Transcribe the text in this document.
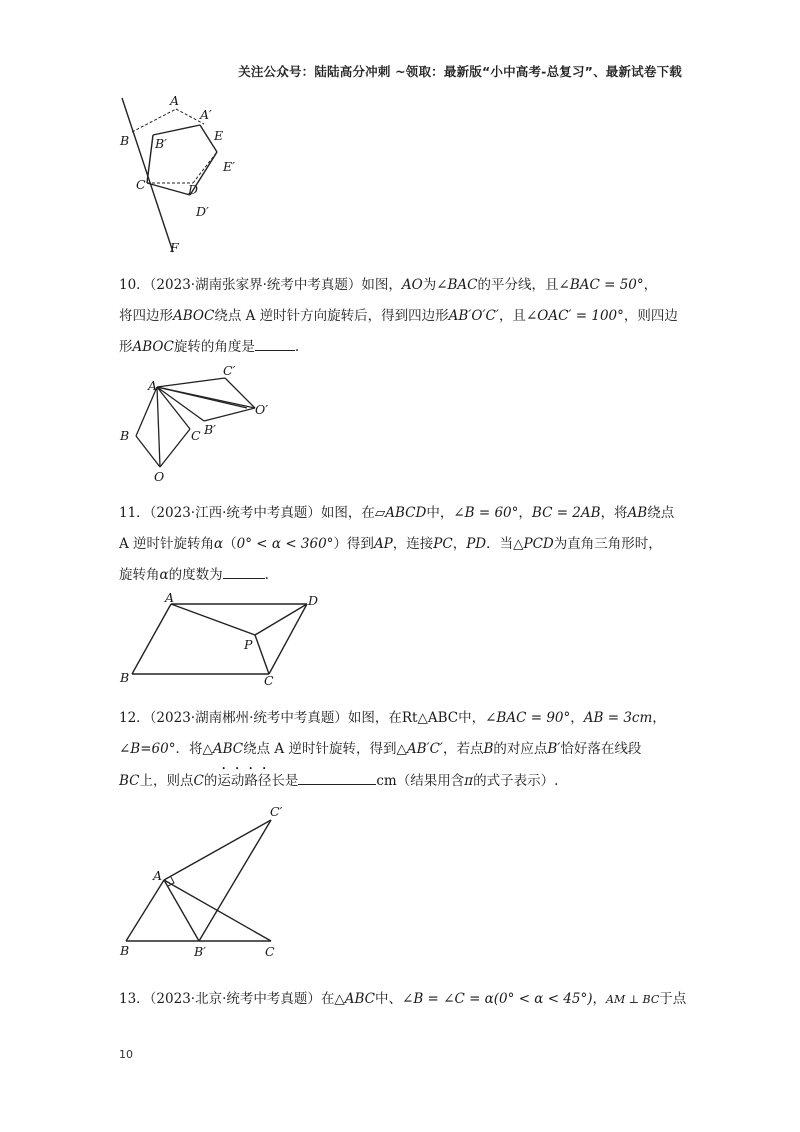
关注公众号：陆陆高分冲刺 ~领取：最新版“小中高考-总复习”、最新试卷下载
A
A′
B B′
E
E′
C	D
D′
F

10．（2023·湖南张家界·统考中考真题）如图，AO为∠BAC的平分线，且∠BAC = 50°，

将四边形ABOC绕点 A 逆时针方向旋转后，得到四边形AB′O′C′，且∠OAC′ = 100°，则四边

形ABOC旋转的角度是	.

A
C′
O′
B′
B	C
O

11．（2023·江西·统考中考真题）如图，在▱ABCD中，∠B = 60°，BC = 2AB，将AB绕点

A 逆时针旋转角α（0° < α < 360°）得到AP，连接PC，PD．当△PCD为直角三角形时，

旋转角α的度数为	.

A	D
P
B	C

12．（2023·湖南郴州·统考中考真题）如图，在Rt△ABC中，∠BAC = 90°，AB = 3cm，

∠B=60°．将△ABC绕点 A 逆时针旋转，得到△AB′C′，若点B的对应点B′恰好落在线段

BC上，则点C的运动路径长是	cm（结果用含π的式子表示）.

C′
A
B	B′	C

13．（2023·北京·统考中考真题）在△ABC中、∠B = ∠C = α(0° < α < 45°)，AM ⊥ BC于点

10
